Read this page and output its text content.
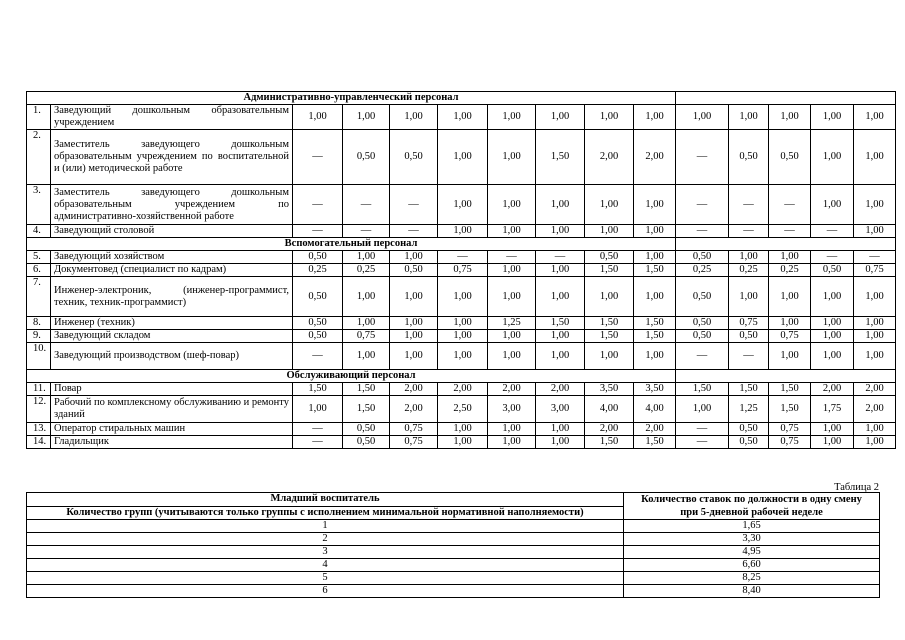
Административно-управленческий персонал														
1.	Заведующий дошкольным образовательным учреждением	1,00	1,00	1,00	1,00	1,00	1,00	1,00	1,00	1,00	1,00	1,00	1,00	1,00
2.	Заместитель заведующего дошкольным образовательным учреждением по воспитательной и (или) методической работе	—	0,50	0,50	1,00	1,00	1,50	2,00	2,00	—	0,50	0,50	1,00	1,00
3.	Заместитель заведующего дошкольным образовательным учреждением по административно-хозяйственной работе	—	—	—	1,00	1,00	1,00	1,00	1,00	—	—	—	1,00	1,00
4.	Заведующий столовой	—	—	—	1,00	1,00	1,00	1,00	1,00	—	—	—	—	1,00
Вспомогательный персонал														
5.	Заведующий хозяйством	0,50	1,00	1,00	—	—	—	0,50	1,00	0,50	1,00	1,00	—	—
6.	Документовед (специалист по кадрам)	0,25	0,25	0,50	0,75	1,00	1,00	1,50	1,50	0,25	0,25	0,25	0,50	0,75
7.	Инженер-электроник, (инженер-программист, техник, техник-программист)	0,50	1,00	1,00	1,00	1,00	1,00	1,00	1,00	0,50	1,00	1,00	1,00	1,00
8.	Инженер (техник)	0,50	1,00	1,00	1,00	1,25	1,50	1,50	1,50	0,50	0,75	1,00	1,00	1,00
9.	Заведующий складом	0,50	0,75	1,00	1,00	1,00	1,00	1,50	1,50	0,50	0,50	0,75	1,00	1,00
10.	Заведующий производством (шеф-повар)	—	1,00	1,00	1,00	1,00	1,00	1,00	1,00	—	—	1,00	1,00	1,00
Обслуживающий персонал														
11.	Повар	1,50	1,50	2,00	2,00	2,00	2,00	3,50	3,50	1,50	1,50	1,50	2,00	2,00
12.	Рабочий по комплексному обслуживанию и ремонту зданий	1,00	1,50	2,00	2,50	3,00	3,00	4,00	4,00	1,00	1,25	1,50	1,75	2,00
13.	Оператор стиральных машин	—	0,50	0,75	1,00	1,00	1,00	2,00	2,00	—	0,50	0,75	1,00	1,00
14.	Гладильщик	—	0,50	0,75	1,00	1,00	1,00	1,50	1,50	—	0,50	0,75	1,00	1,00
Таблица 2
Младший воспитатель	Количество ставок по должности в одну смену при 5-дневной рабочей неделе
Количество групп (учитываются только группы с исполнением минимальной нормативной наполняемости)	
1	1,65
2	3,30
3	4,95
4	6,60
5	8,25
6	8,40
